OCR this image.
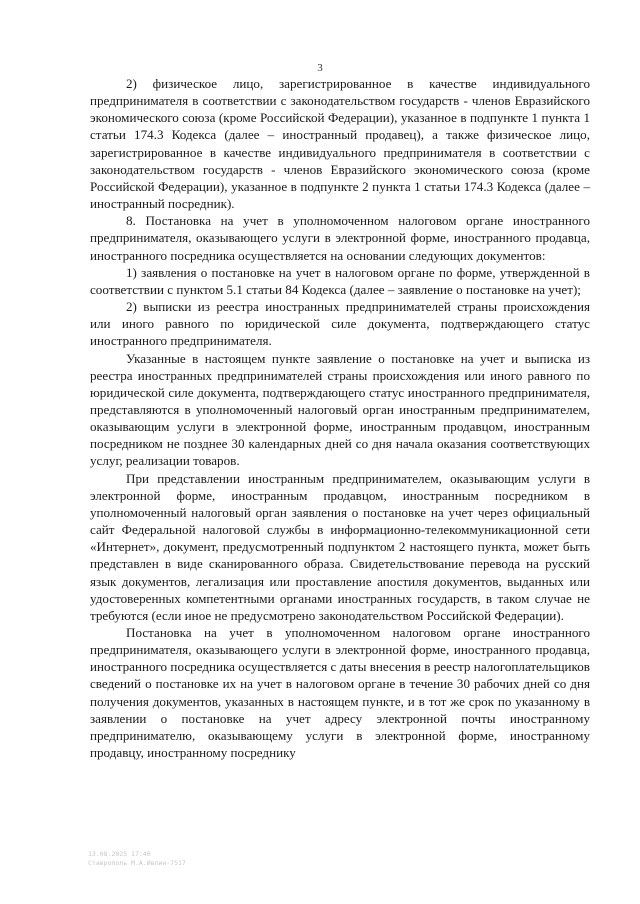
3

2) физическое лицо, зарегистрированное в качестве индивидуального предпринимателя в соответствии с законодательством государств - членов Евразийского экономического союза (кроме Российской Федерации), указанное в подпункте 1 пункта 1 статьи 174.3 Кодекса (далее – иностранный продавец), а также физическое лицо, зарегистрированное в качестве индивидуального предпринимателя в соответствии с законодательством государств - членов Евразийского экономического союза (кроме Российской Федерации), указанное в подпункте 2 пункта 1 статьи 174.3 Кодекса (далее – иностранный посредник).

8. Постановка на учет в уполномоченном налоговом органе иностранного предпринимателя, оказывающего услуги в электронной форме, иностранного продавца, иностранного посредника осуществляется на основании следующих документов:

1) заявления о постановке на учет в налоговом органе по форме, утвержденной в соответствии с пунктом 5.1 статьи 84 Кодекса (далее – заявление о постановке на учет);

2) выписки из реестра иностранных предпринимателей страны происхождения или иного равного по юридической силе документа, подтверждающего статус иностранного предпринимателя.

Указанные в настоящем пункте заявление о постановке на учет и выписка из реестра иностранных предпринимателей страны происхождения или иного равного по юридической силе документа, подтверждающего статус иностранного предпринимателя, представляются в уполномоченный налоговый орган иностранным предпринимателем, оказывающим услуги в электронной форме, иностранным продавцом, иностранным посредником не позднее 30 календарных дней со дня начала оказания соответствующих услуг, реализации товаров.

При представлении иностранным предпринимателем, оказывающим услуги в электронной форме, иностранным продавцом, иностранным посредником в уполномоченный налоговый орган заявления о постановке на учет через официальный сайт Федеральной налоговой службы в информационно-телекоммуникационной сети «Интернет», документ, предусмотренный подпунктом 2 настоящего пункта, может быть представлен в виде сканированного образа. Свидетельствование перевода на русский язык документов, легализация или проставление апостиля документов, выданных или удостоверенных компетентными органами иностранных государств, в таком случае не требуются (если иное не предусмотрено законодательством Российской Федерации).

Постановка на учет в уполномоченном налоговом органе иностранного предпринимателя, оказывающего услуги в электронной форме, иностранного продавца, иностранного посредника осуществляется с даты внесения в реестр налогоплательщиков сведений о постановке их на учет в налоговом органе в течение 30 рабочих дней со дня получения документов, указанных в настоящем пункте, и в тот же срок по указанному в заявлении о постановке на учет адресу электронной почты иностранному предпринимателю, оказывающему услуги в электронной форме, иностранному продавцу, иностранному посреднику

13.08.2025 17:40
Ставрополь М.А.Ивлин-7517
